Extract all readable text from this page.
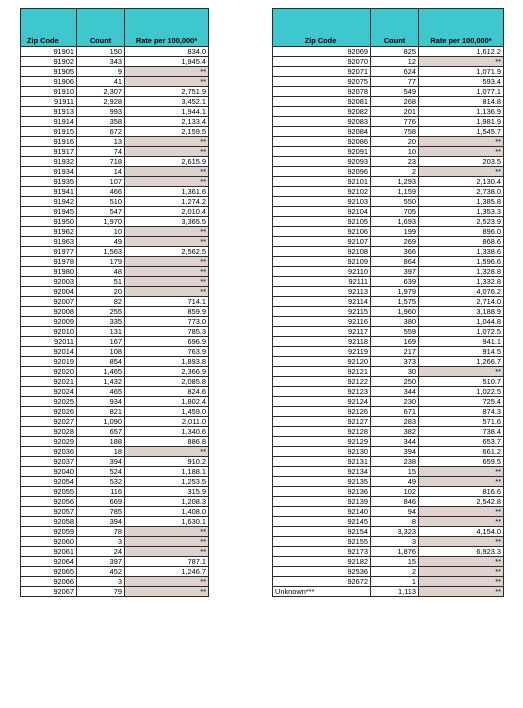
Zip Code	Count	Rate per 100,000*
91901	150	834.0
91902	343	1,945.4
91905	9	**
91906	41	**
91910	2,307	2,751.9
91911	2,928	3,452.1
91913	993	1,944.1
91914	358	2,133.4
91915	672	2,159.5
91916	13	**
91917	74	**
91932	718	2,615.9
91934	14	**
91935	107	**
91941	466	1,361.6
91942	510	1,274.2
91945	547	2,010.4
91950	1,970	3,365.5
91962	10	**
91963	49	**
91977	1,563	2,562.5
91978	179	**
91980	48	**
92003	51	**
92004	20	**
92007	82	714.1
92008	255	859.9
92009	335	773.0
92010	131	785.3
92011	167	696.9
92014	108	763.9
92019	854	1,893.8
92020	1,465	2,366.9
92021	1,432	2,085.8
92024	465	824.6
92025	934	1,802.4
92026	821	1,459.0
92027	1,090	2,011.0
92028	657	1,340.6
92029	188	886.8
92036	18	**
92037	394	910.2
92040	524	1,188.1
92054	532	1,253.5
92055	116	315.9
92056	669	1,208.3
92057	785	1,408.0
92058	394	1,630.1
92059	78	**
92060	3	**
92061	24	**
92064	397	787.1
92065	452	1,246.7
92066	3	**
92067	79	**
Zip Code	Count	Rate per 100,000*
92069	825	1,612.2
92070	12	**
92071	624	1,071.9
92075	77	593.4
92078	549	1,077.1
92081	268	814.8
92082	201	1,136.9
92083	776	1,981.9
92084	758	1,545.7
92086	20	**
92091	10	**
92093	23	203.5
92096	2	**
92101	1,293	2,130.4
92102	1,159	2,738.0
92103	550	1,385.8
92104	705	1,353.3
92105	1,693	2,523.9
92106	199	896.0
92107	269	868.6
92108	366	1,338.6
92109	864	1,596.6
92110	397	1,328.8
92111	639	1,332.8
92113	1,979	4,076.2
92114	1,575	2,714.0
92115	1,960	3,188.9
92116	380	1,044.8
92117	559	1,072.5
92118	169	941.1
92119	217	914.5
92120	373	1,266.7
92121	30	**
92122	250	510.7
92123	344	1,022.5
92124	230	725.4
92126	671	874.3
92127	283	571.6
92128	382	738.4
92129	344	653.7
92130	394	661.2
92131	238	659.5
92134	15	**
92135	49	**
92136	102	816.6
92139	846	2,542.8
92140	94	**
92145	8	**
92154	3,323	4,154.0
92155	3	**
92173	1,876	6,923.3
92182	15	**
92536	2	**
92672	1	**
Unknown***	1,113	**
